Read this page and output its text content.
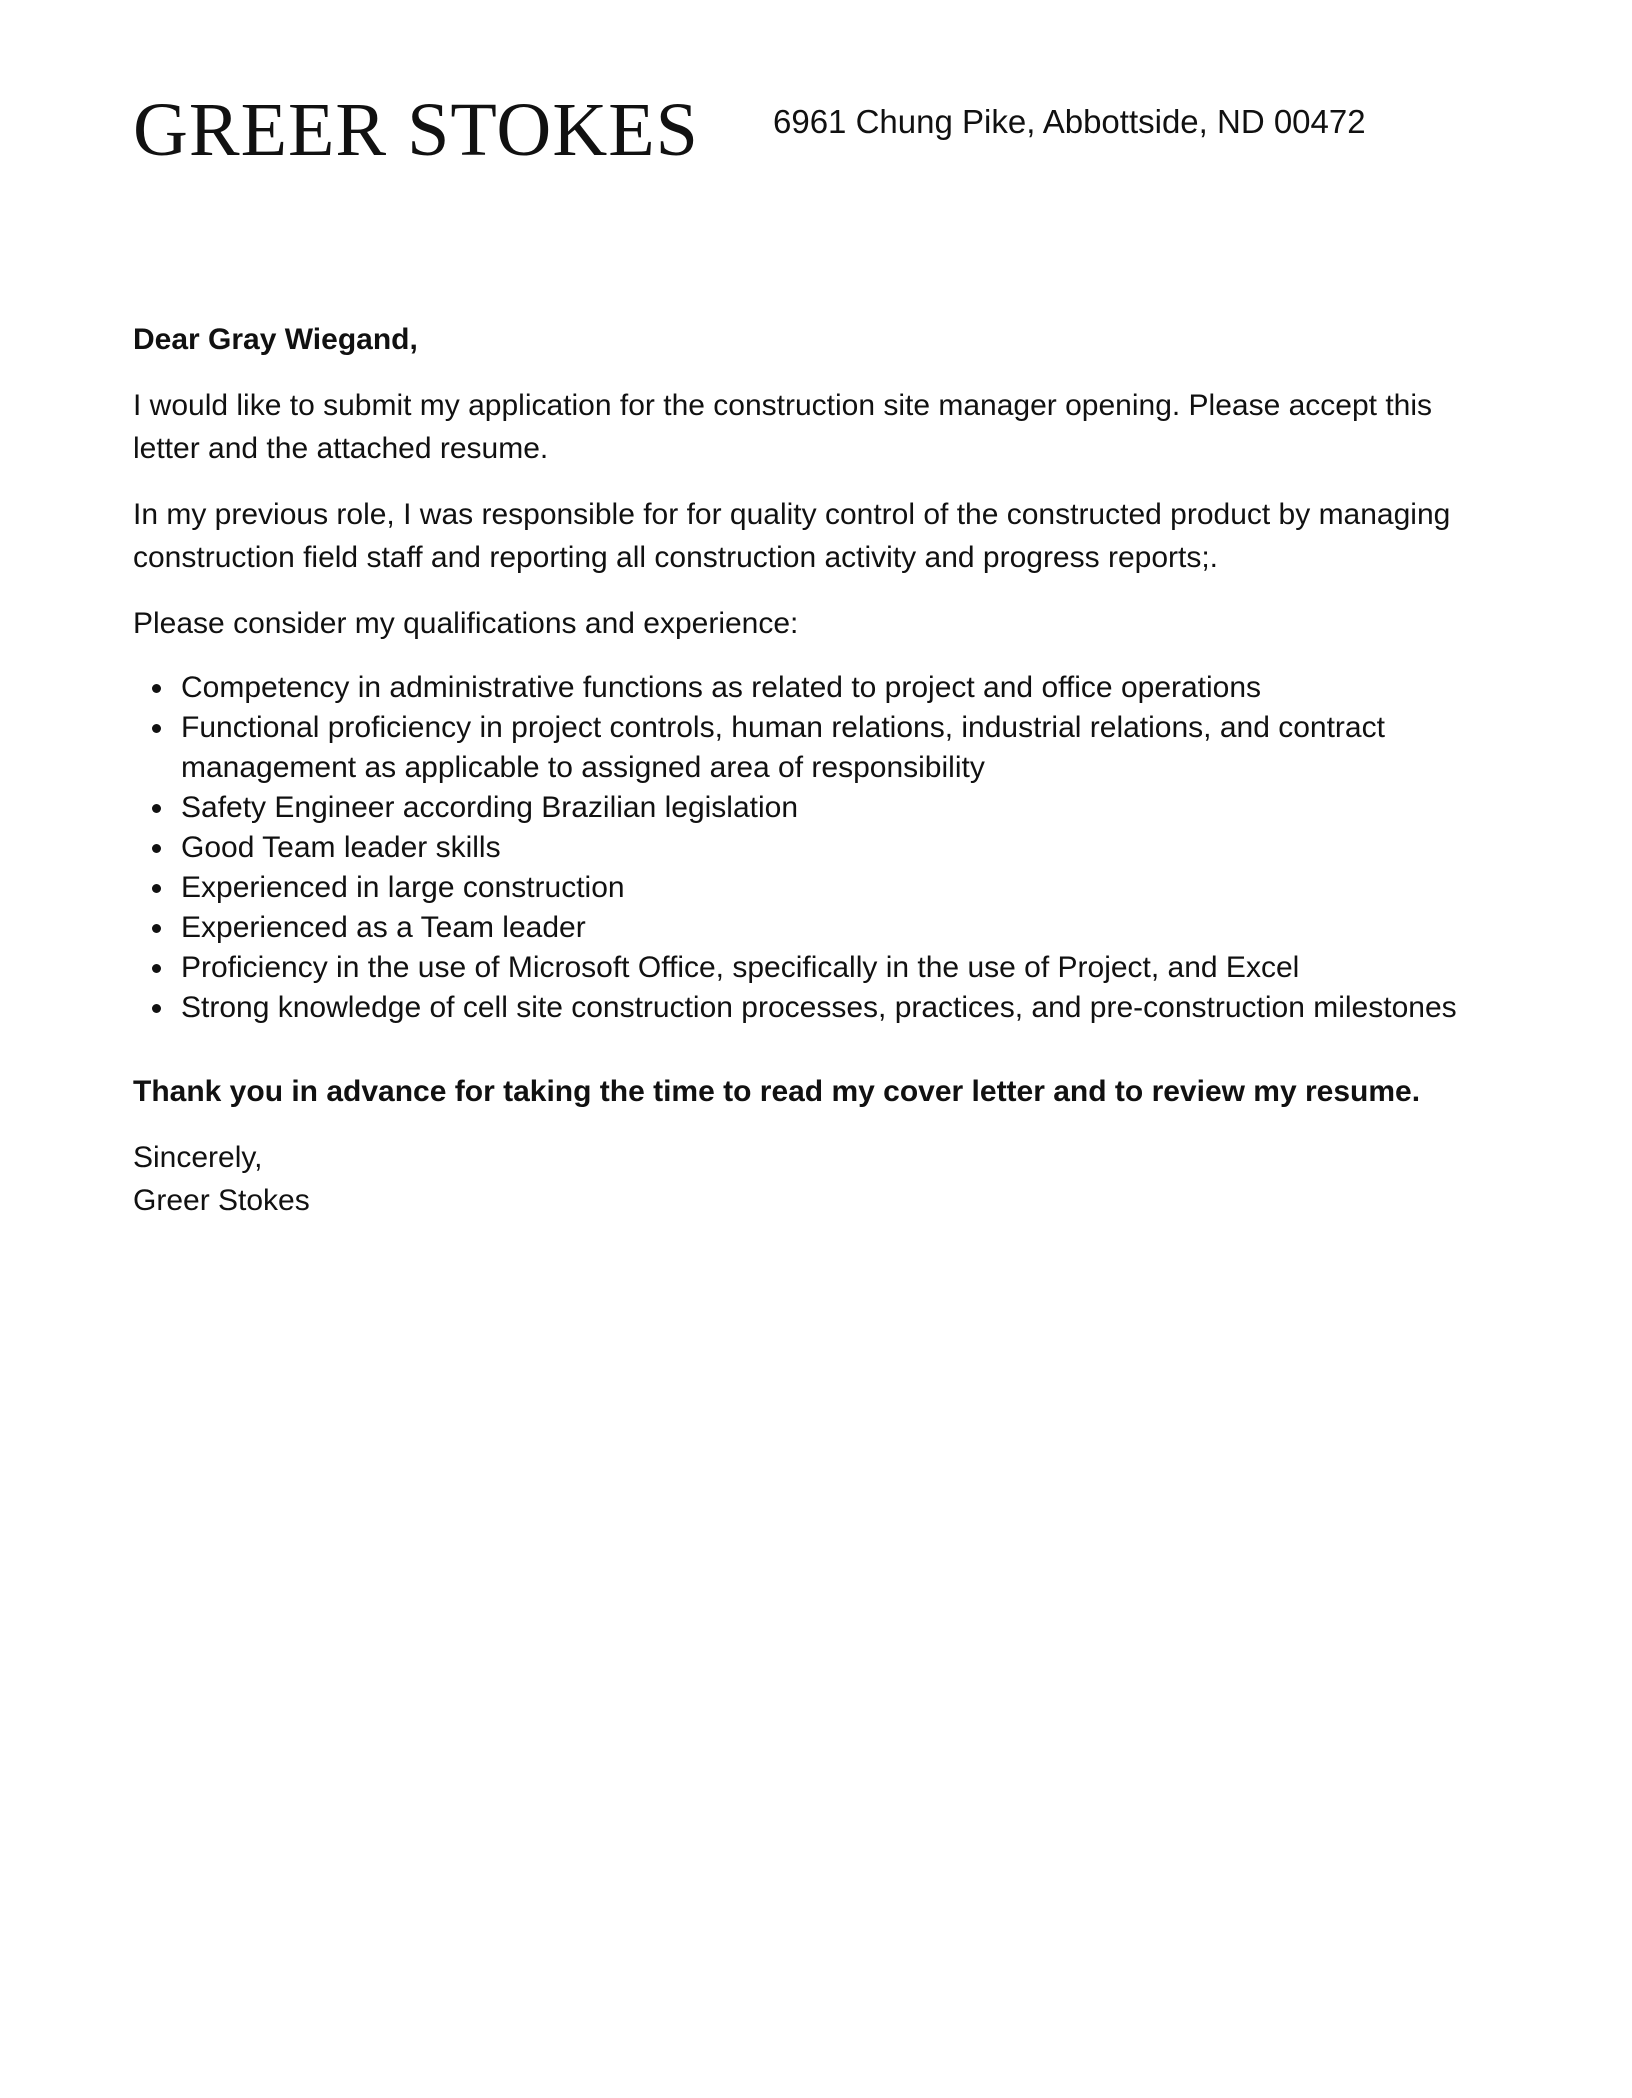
GREER STOKES 6961 Chung Pike, Abbottside, ND 00472

Dear Gray Wiegand,

I would like to submit my application for the construction site manager opening. Please accept this letter and the attached resume.

In my previous role, I was responsible for for quality control of the constructed product by managing construction field staff and reporting all construction activity and progress reports;.

Please consider my qualifications and experience:

Competency in administrative functions as related to project and office operations
Functional proficiency in project controls, human relations, industrial relations, and contract management as applicable to assigned area of responsibility
Safety Engineer according Brazilian legislation
Good Team leader skills
Experienced in large construction
Experienced as a Team leader
Proficiency in the use of Microsoft Office, specifically in the use of Project, and Excel
Strong knowledge of cell site construction processes, practices, and pre-construction milestones

Thank you in advance for taking the time to read my cover letter and to review my resume.

Sincerely,

Greer Stokes
